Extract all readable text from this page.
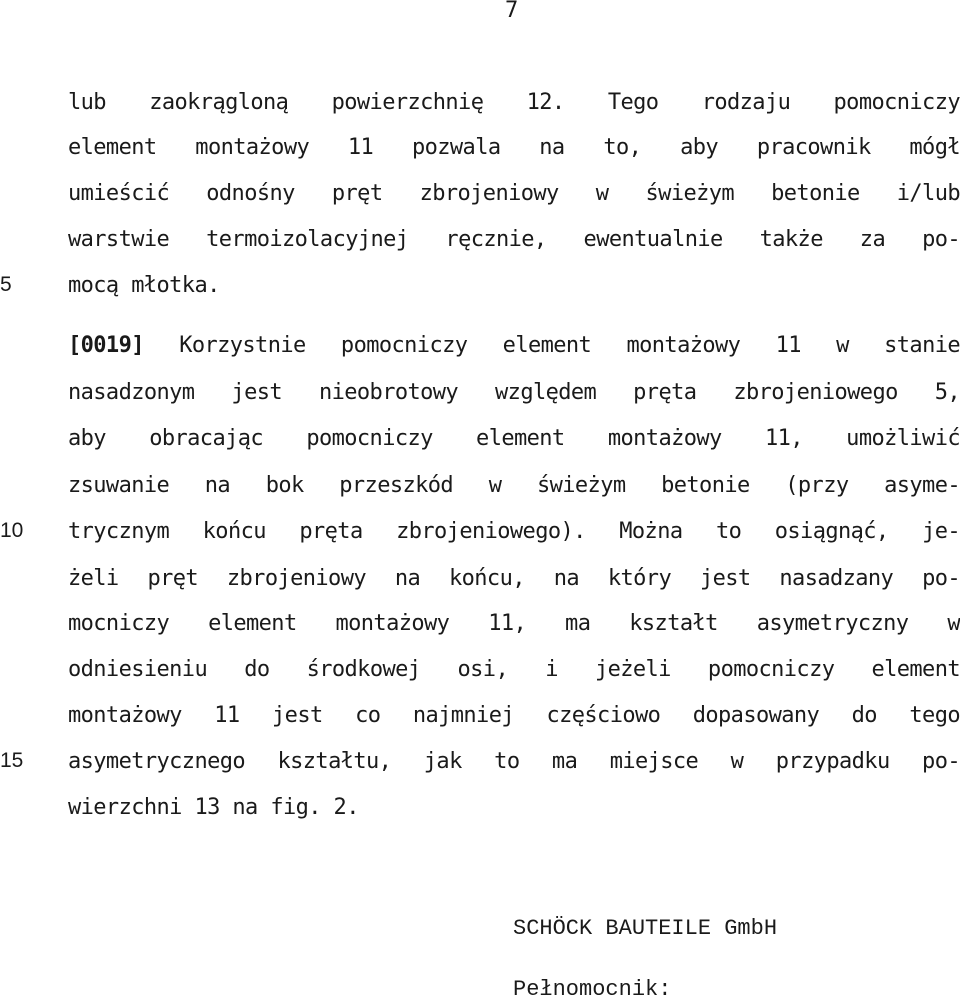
7
5
10
15
lub zaokrągloną powierzchnię 12. Tego rodzaju pomocniczy
element montażowy 11 pozwala na to, aby pracownik mógł
umieścić odnośny pręt zbrojeniowy w świeżym betonie i/lub
warstwie termoizolacyjnej ręcznie, ewentualnie także za po-
mocą młotka.
[0019] Korzystnie pomocniczy element montażowy 11 w stanie
nasadzonym jest nieobrotowy względem pręta zbrojeniowego 5,
aby obracając pomocniczy element montażowy 11, umożliwić
zsuwanie na bok przeszkód w świeżym betonie (przy asyme-
trycznym końcu pręta zbrojeniowego). Można to osiągnąć, je-
żeli pręt zbrojeniowy na końcu, na który jest nasadzany po-
mocniczy element montażowy 11, ma kształt asymetryczny w
odniesieniu do środkowej osi, i jeżeli pomocniczy element
montażowy 11 jest co najmniej częściowo dopasowany do tego
asymetrycznego kształtu, jak to ma miejsce w przypadku po-
wierzchni 13 na fig. 2.
SCHÖCK BAUTEILE GmbH
Pełnomocnik:
